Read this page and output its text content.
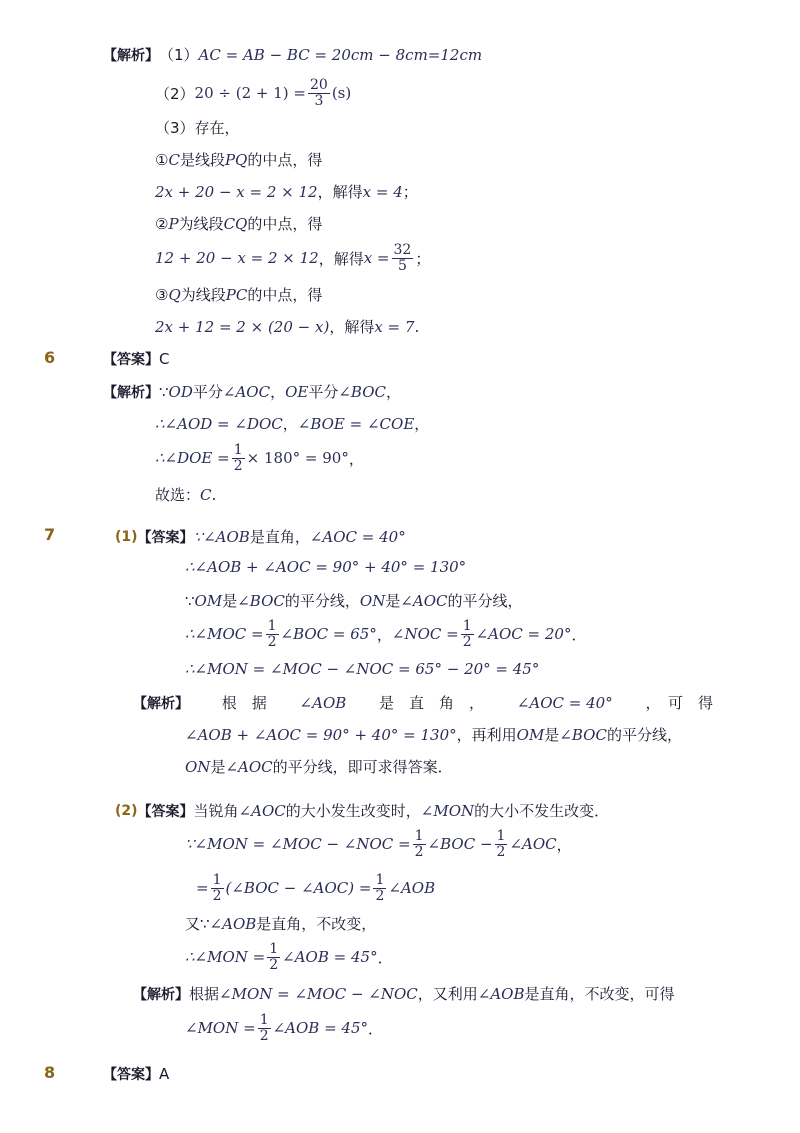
【解析】 （1） AC = AB − BC = 20cm − 8cm=12cm
（2） $20 \div (2 + 1) = \frac{20}{3} (s)$
（3）存在，
① C 是线段 PQ 的中点，得
2x + 20 − x = 2 × 12 ，解得 x = 4 ；
② P 为线段 CQ 的中点，得
12 + 20 − x = 2 × 12 ，解得 $x = \frac{32}{5}$ ；
③ Q 为线段 PC 的中点，得
2x + 12 = 2 × (20 − x) ，解得 x = 7 .
6	【答案】 C
【解析】 ∵ OD 平分 ∠AOC ， OE 平分 ∠BOC ，
∴∠AOD = ∠DOC ， ∠BOE = ∠COE ，
∴∠DOE = $\frac{1}{2} \times 180^\circ = 90^\circ$ ，
故选： C .
7	(1) 【答案】 ∵∠AOB 是直角， ∠AOC = 40°
∴∠AOB + ∠AOC = 90° + 40° = 130°
∵ OM 是 ∠BOC 的平分线， ON 是 ∠AOC 的平分线，
∴∠MOC = $\frac{1}{2}$ ∠BOC = 65° ， ∠NOC = $\frac{1}{2}$ ∠AOC = 20° ．
∴∠MON = ∠MOC − ∠NOC = 65° − 20° = 45°
【解析】 根　据 ∠AOB 是　直　角　， ∠AOC = 40° ，　可　得
∠AOB + ∠AOC = 90° + 40° = 130° ，再利用 OM 是 ∠BOC 的平分线，
ON 是 ∠AOC 的平分线，即可求得答案．
(2) 【答案】 当锐角 ∠AOC 的大小发生改变时， ∠MON 的大小不发生改变．
∵∠MON = ∠MOC − ∠NOC = $\frac{1}{2}$ ∠BOC − $\frac{1}{2}$ ∠AOC ，
= $\frac{1}{2}$ (∠BOC − ∠AOC) = $\frac{1}{2}$ ∠AOB
又∵ ∠AOB 是直角，不改变，
∴∠MON = $\frac{1}{2}$ ∠AOB = 45° ．
【解析】 根据 ∠MON = ∠MOC − ∠NOC ，又利用 ∠AOB 是直角，不改变，可得
∠MON = $\frac{1}{2}$ ∠AOB = 45° ．
8	【答案】 A
